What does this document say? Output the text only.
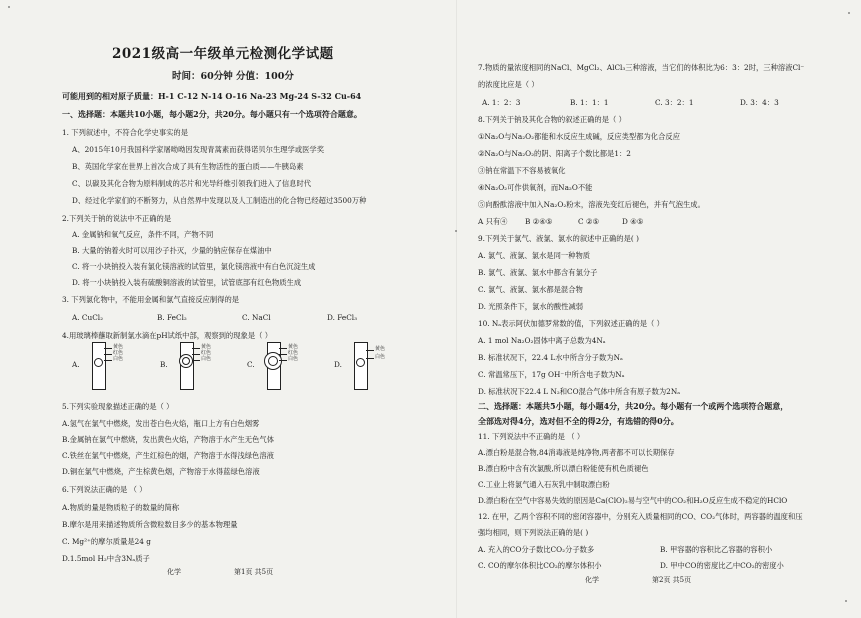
2021级高一年级单元检测化学试题
时间：60分钟 分值：100分
可能用到的相对原子质量：H-1 C-12 N-14 O-16 Na-23 Mg-24 S-32 Cu-64
一、选择题：本题共10小题，每小题2分，共20分。每小题只有一个选项符合题意。
1. 下列叙述中，不符合化学史事实的是
A、2015年10月我国科学家屠呦呦因发现青蒿素而获得诺贝尔生理学或医学奖
B、英国化学家在世界上首次合成了具有生物活性的蛋白质——牛胰岛素
C、以碳及其化合物为原料制成的芯片和光导纤维引领我们进入了信息时代
D、经过化学家们的不断努力，从自然界中发现以及人工制造出的化合物已经超过3500万种
2.下列关于钠的说法中不正确的是
A. 金属钠和氧气反应，条件不同，产物不同
B. 大量的钠着火时可以用沙子扑灭，少量的钠应保存在煤油中
C. 将一小块钠投入装有氯化镁溶液的试管里，氯化镁溶液中有白色沉淀生成
D. 将一小块钠投入装有硫酸铜溶液的试管里，试管底部有红色物质生成
3. 下列氯化物中，不能用金属和氯气直接反应制得的是
A. CuCl₂	B. FeCl₂	C. NaCl	D. FeCl₃
4.用玻璃棒蘸取新制氯水滴在pH试纸中部，观察到的现象是（ ）
A.
黄色
红色
白色
B.
黄色
红色
白色
C.
黄色
红色
白色
D.
黄色
白色
5.下列实验现象描述正确的是（ ）
A.氢气在氯气中燃烧，发出苍白色火焰，瓶口上方有白色烟雾
B.金属钠在氯气中燃烧，发出黄色火焰，产物溶于水产生无色气体
C.铁丝在氯气中燃烧，产生红棕色的烟，产物溶于水得浅绿色溶液
D.铜在氯气中燃烧，产生棕黄色烟，产物溶于水得蓝绿色溶液
6.下列说法正确的是 （ ）
A.物质的量是物质粒子的数量的简称
B.摩尔是用来描述物质所含微粒数目多少的基本物理量
C. Mg²⁺的摩尔质量是24 g
D.1.5mol H₂中含3Nₐ质子
化学	第1页 共5页
7.物质的量浓度相同的NaCl、MgCl₂、AlCl₃三种溶液，当它们的体积比为6：3：2时，三种溶液Cl⁻
的浓度比应是（ ）
A. 1：2：3	B. 1：1：1	C. 3：2：1	D. 3：4：3
8.下列关于钠及其化合物的叙述正确的是（ ）
①Na₂O与Na₂O₂都能和水反应生成碱，反应类型都为化合反应
②Na₂O与Na₂O₂的阴、阳离子个数比都是1：2
③钠在常温下不容易被氧化
④Na₂O₂可作供氧剂，而Na₂O不能
⑤向酚酞溶液中加入Na₂O₂粉末，溶液先变红后褪色，并有气泡生成。
A 只有④ B ②④⑤	C ②⑤	D ④⑤
9.下列关于氯气、液氯、氯水的叙述中正确的是( )
A. 氯气、液氯、氯水是同一种物质
B. 氯气、液氯、氯水中都含有氯分子
C. 氯气、液氯、氯水都是混合物
D. 光照条件下，氯水的酸性减弱
10. Nₐ表示阿伏加德罗常数的值，下列叙述正确的是（ ）
A. 1 mol Na₂O₂固体中离子总数为4Nₐ
B. 标准状况下，22.4 L水中所含分子数为Nₐ
C. 常温常压下，17g OH⁻中所含电子数为Nₐ
D. 标准状况下22.4 L N₂和CO混合气体中所含有原子数为2Nₐ
二、选择题：本题共5小题，每小题4分，共20分。每小题有一个或两个选项符合题意，
全部选对得4分，选对但不全的得2分，有选错的得0分。
11. 下列说法中不正确的是 （ ）
A.漂白粉是混合物,84消毒液是纯净物,两者都不可以长期保存
B.漂白粉中含有次氯酸,所以漂白粉能使有机色质褪色
C.工业上将氯气通入石灰乳中制取漂白粉
D.漂白粉在空气中容易失效的原因是Ca(ClO)₂易与空气中的CO₂和H₂O反应生成不稳定的HClO
12. 在甲，乙两个容积不同的密闭容器中，分别充入质量相同的CO、CO₂气体时，两容器的温度和压
强均相同，则下列说法正确的是( )
A. 充入的CO分子数比CO₂分子数多	B. 甲容器的容积比乙容器的容积小
C. CO的摩尔体积比CO₂的摩尔体积小	D. 甲中CO的密度比乙中CO₂的密度小
化学	第2页 共5页
